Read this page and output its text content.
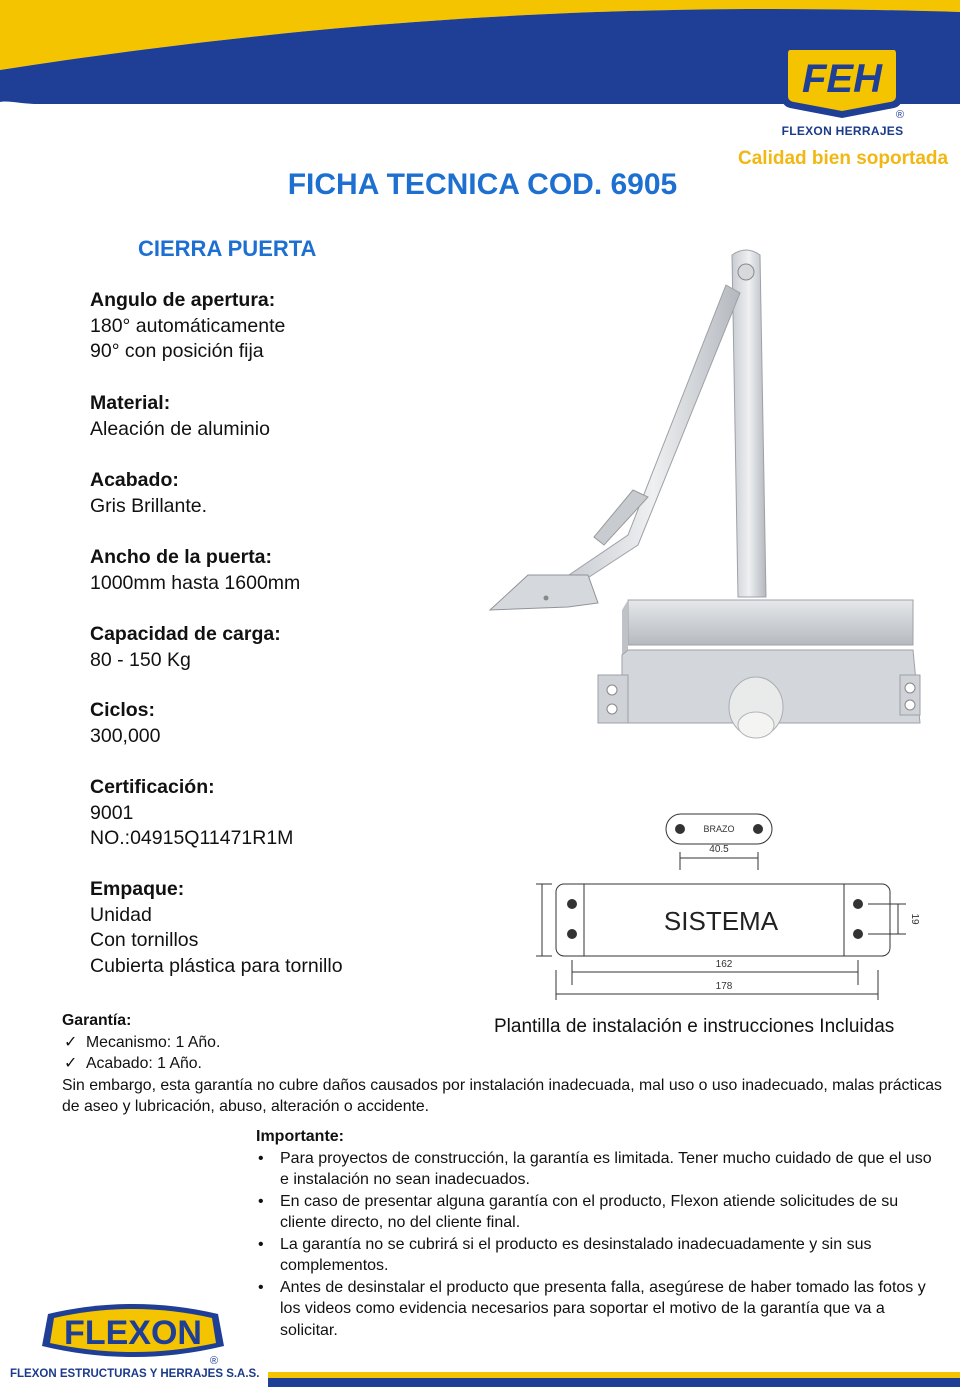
FEH
®
FLEXON HERRAJES
Calidad bien soportada
FICHA TECNICA COD. 6905
CIERRA PUERTA
Angulo de apertura:
180° automáticamente
90° con posición fija
Material:
Aleación de aluminio
Acabado:
Gris Brillante.
Ancho de la puerta:
1000mm hasta 1600mm
Capacidad de carga:
80 - 150 Kg
Ciclos:
300,000
Certificación:
9001
NO.:04915Q11471R1M
Empaque:
Unidad
Con tornillos
Cubierta plástica para tornillo
BRAZO
40.5
SISTEMA	19
162
178
Plantilla de instalación e instrucciones Incluidas
Garantía:
✓ Mecanismo: 1 Año.
✓ Acabado: 1 Año.
Sin embargo, esta garantía no cubre daños causados por instalación inadecuada, mal uso o uso inadecuado, malas prácticas de aseo y lubricación, abuso, alteración o accidente.
Importante:
• Para proyectos de construcción, la garantía es limitada. Tener mucho cuidado de que el uso e instalación no sean inadecuados.
• En caso de presentar alguna garantía con el producto, Flexon atiende solicitudes de su cliente directo, no del cliente final.
• La garantía no se cubrirá si el producto es desinstalado inadecuadamente y sin sus complementos.
• Antes de desinstalar el producto que presenta falla, asegúrese de haber tomado las fotos y los videos como evidencia necesarios para soportar el motivo de la garantía que va a solicitar.
FLEXON
®
FLEXON ESTRUCTURAS Y HERRAJES S.A.S.
